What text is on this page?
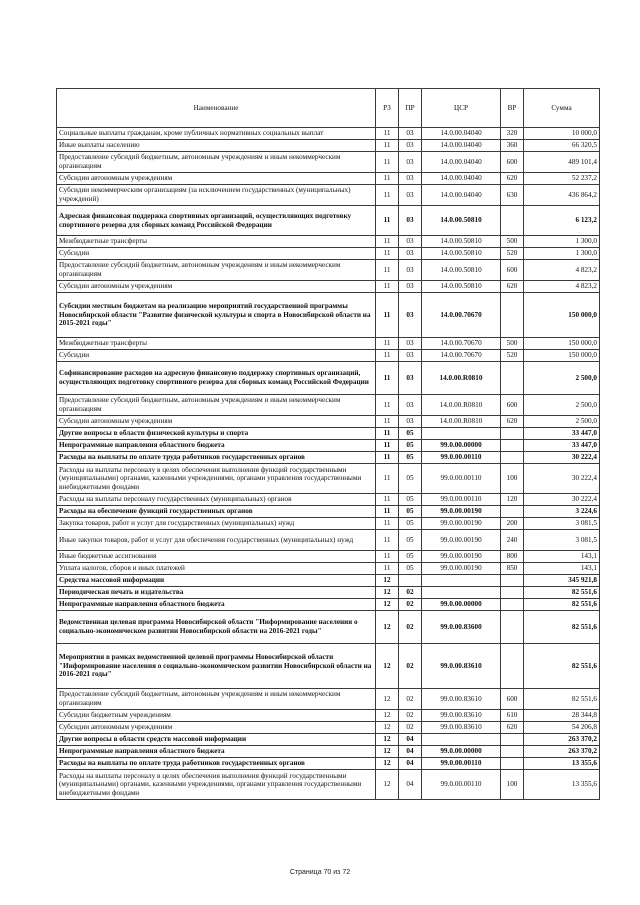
Наименование	РЗ	ПР	ЦСР	ВР	Сумма
Социальные выплаты гражданам, кроме публичных нормативных социальных выплат	11	03	14.0.00.04040	320	10 000,0
Иные выплаты населению	11	03	14.0.00.04040	360	66 320,5
Предоставление субсидий бюджетным, автономным учреждениям и иным некоммерческим организациям	11	03	14.0.00.04040	600	489 101,4
Субсидии автономным учреждениям	11	03	14.0.00.04040	620	52 237,2
Субсидии некоммерческим организациям (за исключением государственных (муниципальных) учреждений)	11	03	14.0.00.04040	630	436 864,2
Адресная финансовая поддержка спортивных организаций, осуществляющих подготовку спортивного резерва для сборных команд Российской Федерации	11	03	14.0.00.50810		6 123,2
Межбюджетные трансферты	11	03	14.0.00.50810	500	1 300,0
Субсидии	11	03	14.0.00.50810	520	1 300,0
Предоставление субсидий бюджетным, автономным учреждениям и иным некоммерческим организациям	11	03	14.0.00.50810	600	4 823,2
Субсидии автономным учреждениям	11	03	14.0.00.50810	620	4 823,2
Субсидии местным бюджетам на реализацию мероприятий государственной программы Новосибирской области "Развитие физической культуры и спорта в Новосибирской области на 2015-2021 годы"	11	03	14.0.00.70670		150 000,0
Межбюджетные трансферты	11	03	14.0.00.70670	500	150 000,0
Субсидии	11	03	14.0.00.70670	520	150 000,0
Софинансирование расходов на адресную финансовую поддержку спортивных организаций, осуществляющих подготовку спортивного резерва для сборных команд Российской Федерации	11	03	14.0.00.R0810		2 500,0
Предоставление субсидий бюджетным, автономным учреждениям и иным некоммерческим организациям	11	03	14.0.00.R0810	600	2 500,0
Субсидии автономным учреждениям	11	03	14.0.00.R0810	620	2 500,0
Другие вопросы в области физической культуры и спорта	11	05			33 447,0
Непрограммные направления областного бюджета	11	05	99.0.00.00000		33 447,0
Расходы на выплаты по оплате труда работников государственных органов	11	05	99.0.00.00110		30 222,4
Расходы на выплаты персоналу в целях обеспечения выполнения функций государственными (муниципальными) органами, казенными учреждениями, органами управления государственными внебюджетными фондами	11	05	99.0.00.00110	100	30 222,4
Расходы на выплаты персоналу государственных (муниципальных) органов	11	05	99.0.00.00110	120	30 222,4
Расходы на обеспечение функций государственных органов	11	05	99.0.00.00190		3 224,6
Закупка товаров, работ и услуг для государственных (муниципальных) нужд	11	05	99.0.00.00190	200	3 081,5
Иные закупки товаров, работ и услуг для обеспечения государственных (муниципальных) нужд	11	05	99.0.00.00190	240	3 081,5
Иные бюджетные ассигнования	11	05	99.0.00.00190	800	143,1
Уплата налогов, сборов и иных платежей	11	05	99.0.00.00190	850	143,1
Средства массовой информации	12				345 921,8
Периодическая печать и издательства	12	02			82 551,6
Непрограммные направления областного бюджета	12	02	99.0.00.00000		82 551,6
Ведомственная целевая программа Новосибирской области "Информирование населения о социально-экономическом развитии Новосибирской области на 2016-2021 годы"	12	02	99.0.00.83600		82 551,6
Мероприятия в рамках ведомственной целевой программы Новосибирской области "Информирование населения о социально-экономическом развитии Новосибирской области на 2016-2021 годы"	12	02	99.0.00.83610		82 551,6
Предоставление субсидий бюджетным, автономным учреждениям и иным некоммерческим организациям	12	02	99.0.00.83610	600	82 551,6
Субсидии бюджетным учреждениям	12	02	99.0.00.83610	610	28 344,8
Субсидии автономным учреждениям	12	02	99.0.00.83610	620	54 206,8
Другие вопросы в области средств массовой информации	12	04			263 370,2
Непрограммные направления областного бюджета	12	04	99.0.00.00000		263 370,2
Расходы на выплаты по оплате труда работников государственных органов	12	04	99.0.00.00110		13 355,6
Расходы на выплаты персоналу в целях обеспечения выполнения функций государственными (муниципальными) органами, казенными учреждениями, органами управления государственными внебюджетными фондами	12	04	99.0.00.00110	100	13 355,6
Страница 70 из 72
